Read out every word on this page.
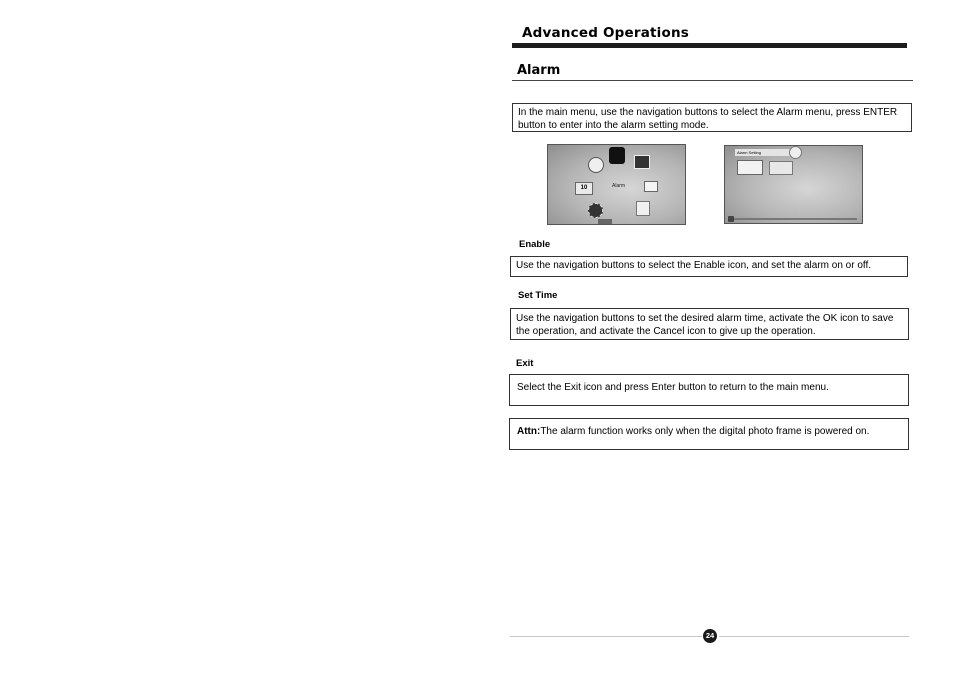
Advanced Operations
Alarm
In the main menu, use the navigation buttons to select the Alarm menu, press ENTER button to enter into the alarm setting mode.
10	Alarm
Alarm Setting
Enable
Use the navigation buttons to select the Enable icon, and set the alarm on or off.
Set Time
Use the navigation buttons to set the desired alarm time, activate the OK icon to save the operation, and activate the Cancel icon to give up the operation.
Exit
Select the Exit icon and press Enter button to return to the main menu.
Attn:The alarm function works only when the digital photo frame is powered on.
24
